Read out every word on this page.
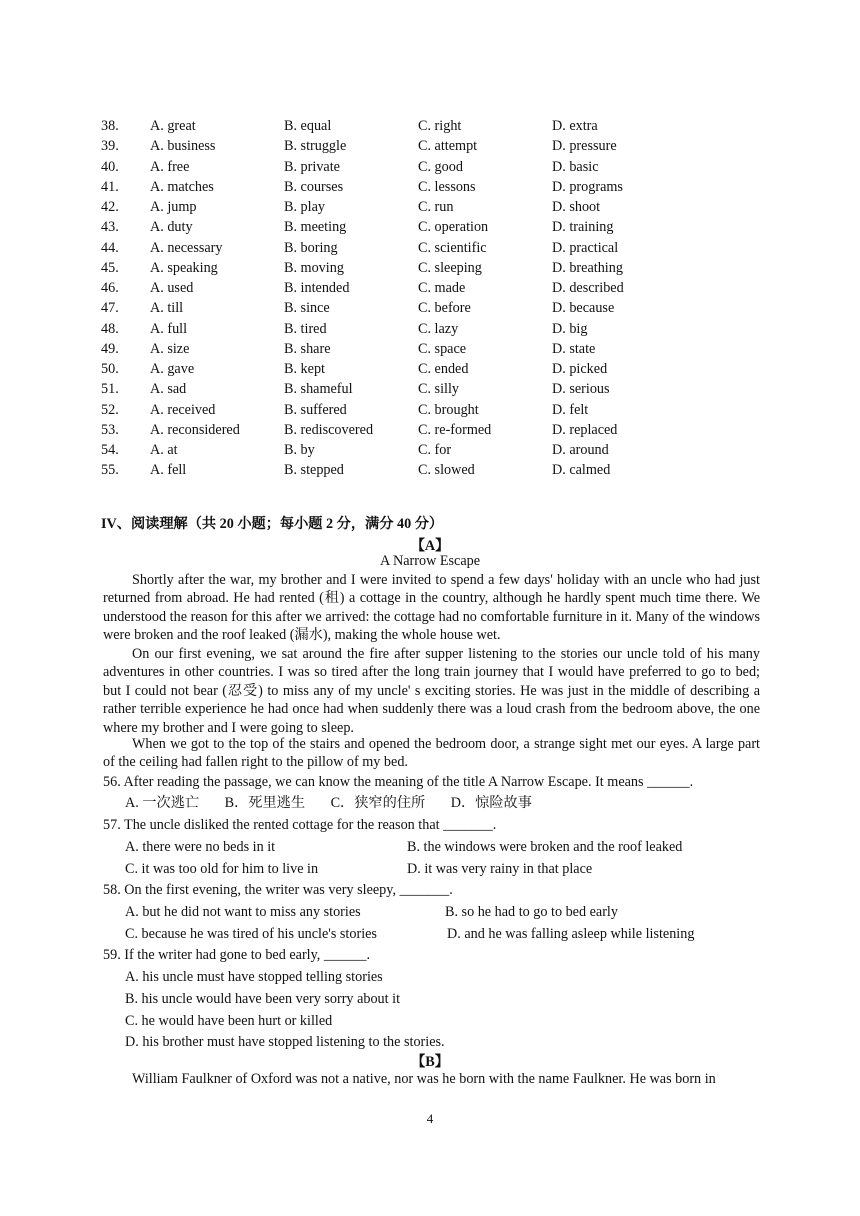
38. A. great	B. equal	C. right	D. extra
39. A. business	B. struggle	C. attempt	D. pressure
40. A. free	B. private	C. good	D. basic
41. A. matches	B. courses	C. lessons	D. programs
42. A. jump	B. play	C. run	D. shoot
43. A. duty	B. meeting	C. operation	D. training
44. A. necessary	B. boring	C. scientific	D. practical
45. A. speaking	B. moving	C. sleeping	D. breathing
46. A. used	B. intended	C. made	D. described
47. A. till	B. since	C. before	D. because
48. A. full	B. tired	C. lazy	D. big
49. A. size	B. share	C. space	D. state
50. A. gave	B. kept	C. ended	D. picked
51. A. sad	B. shameful	C. silly	D. serious
52. A. received	B. suffered	C. brought	D. felt
53. A. reconsidered	B. rediscovered	C. re-formed	D. replaced
54. A. at	B. by	C. for	D. around
55. A. fell	B. stepped	C. slowed	D. calmed
IV、阅读理解（共 20 小题；每小题 2 分，满分 40 分）
【A】
A Narrow Escape
Shortly after the war, my brother and I were invited to spend a few days' holiday with an uncle who had just returned from abroad. He had rented (租) a cottage in the country, although he hardly spent much time there. We understood the reason for this after we arrived: the cottage had no comfortable furniture in it. Many of the windows were broken and the roof leaked (漏水), making the whole house wet.
On our first evening, we sat around the fire after supper listening to the stories our uncle told of his many adventures in other countries. I was so tired after the long train journey that I would have preferred to go to bed; but I could not bear (忍受) to miss any of my uncle' s exciting stories. He was just in the middle of describing a rather terrible experience he had once had when suddenly there was a loud crash from the bedroom above, the one where my brother and I were going to sleep.
When we got to the top of the stairs and opened the bedroom door, a strange sight met our eyes. A large part of the ceiling had fallen right to the pillow of my bed.
56. After reading the passage, we can know the meaning of the title A Narrow Escape. It means ______.
A. 一次逃亡 B．死里逃生 C．狭窄的住所 D．惊险故事
57. The uncle disliked the rented cottage for the reason that _______.
A. there were no beds in it	B. the windows were broken and the roof leaked
C. it was too old for him to live in	D. it was very rainy in that place
58. On the first evening, the writer was very sleepy, _______.
A. but he did not want to miss any stories	B. so he had to go to bed early
C. because he was tired of his uncle's stories	D. and he was falling asleep while listening
59. If the writer had gone to bed early, ______.
A. his uncle must have stopped telling stories
B. his uncle would have been very sorry about it
C. he would have been hurt or killed
D. his brother must have stopped listening to the stories.
【B】
William Faulkner of Oxford was not a native, nor was he born with the name Faulkner. He was born in
4
